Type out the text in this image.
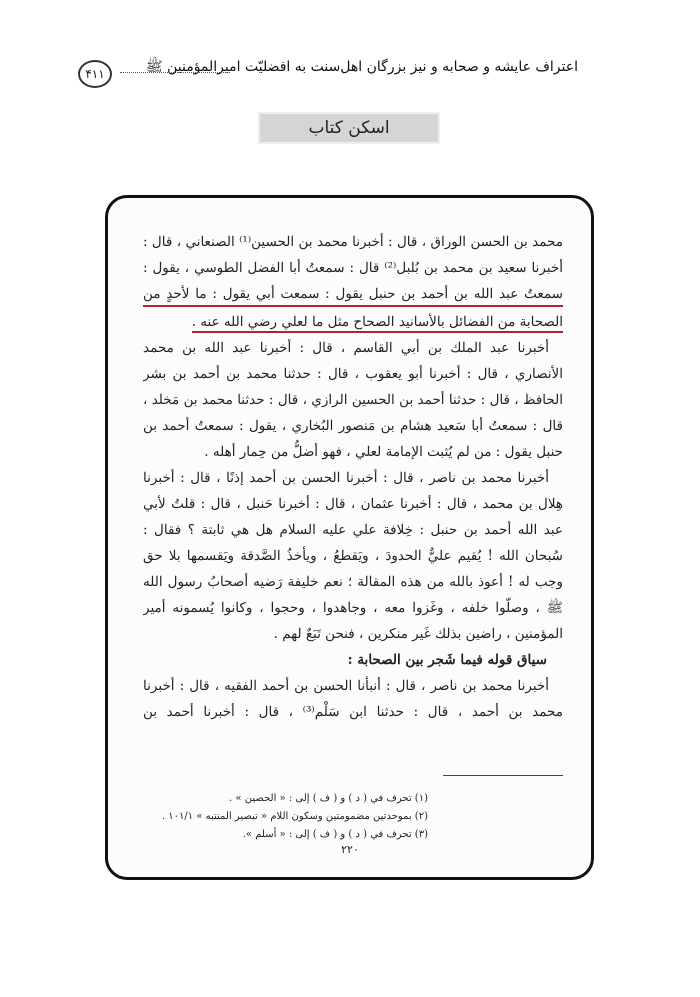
اعتراف عایشه و صحابه و نیز بزرگان اهل‌سنت به افضلیّت امیرالمؤمنین ﷺ
۴۱۱
اسکن کتاب
محمد بن الحسن الوراق ، قال : أخبرنا محمد بن الحسين⁽¹⁾ الصنعاني ، قال :
أخبرنا سعيد بن محمد بن بُلبل⁽²⁾ قال : سمعتُ أبا الفضل الطوسي ، يقول :
سمعتُ عبد الله بن أحمد بن حنبل يقول : سمعت أبي يقول : ما لأحدٍ من
الصحابة من الفضائل بالأسانيد الصحاح مثل ما لعلي رضي الله عنه .
أخبرنا عبد الملك بن أبي القاسم ، قال : أخبرنا عبد الله بن محمد
الأنصاري ، قال : أخبرنا أبو يعقوب ، قال : حدثنا محمد بن أحمد بن بشر
الحافظ ، قال : حدثنا أحمد بن الحسين الرازي ، قال : حدثنا محمد بن مَخلد ،
قال : سمعتُ أبا سَعيد هشام بن مَنصور البُخاري ، يقول : سمعتُ أحمد بن
حنبل يقول : من لم يُثبت الإمامة لعلي ، فهو أضلُّ من حِمار أهله .
أخبرنا محمد بن ناصر ، قال : أخبرنا الحسن بن أحمد إذنًا ، قال : أخبرنا
هِلال بن محمد ، قال : أخبرنا عثمان ، قال : أخبرنا حَنبل ، قال : قلتُ لأبي
عبد الله أحمد بن حنبل : خِلافة علي عليه السلام هل هي ثابتة ؟ فقال :
سُبحان الله ! يُقيم عليٌّ الحدودَ ، ويَقطعُ ، ويأخذُ الصَّدقة ويَقسمها بلا حق
وجب له ! أعوذ بالله من هذه المقالة ؛ نعم خليفة رَضيه أصحابُ رسول الله
ﷺ ، وصلّوا خلفه ، وغَزوا معه ، وجاهدوا ، وحجوا ، وكانوا يُسمونه أمير
المؤمنين ، راضين بذلك غَير منكرين ، فنحن تَبَعٌ لهم .
سياق قوله فيما شَجر بين الصحابة :
أخبرنا محمد بن ناصر ، قال : أنبأنا الحسن بن أحمد الفقيه ، قال : أخبرنا
محمد بن أحمد ، قال : حدثنا ابن سَلْم⁽³⁾ ، قال : أخبرنا أحمد بن
(١) تحرف في ( د ) و ( ف ) إلى : « الحصين » .
(٢) بموحدتين مضمومتين وسكون اللام « تبصير المنتبه » ١٠١/١ .
(٣) تحرف في ( د ) و ( ف ) إلى : « أسلم ».
٢٢٠
